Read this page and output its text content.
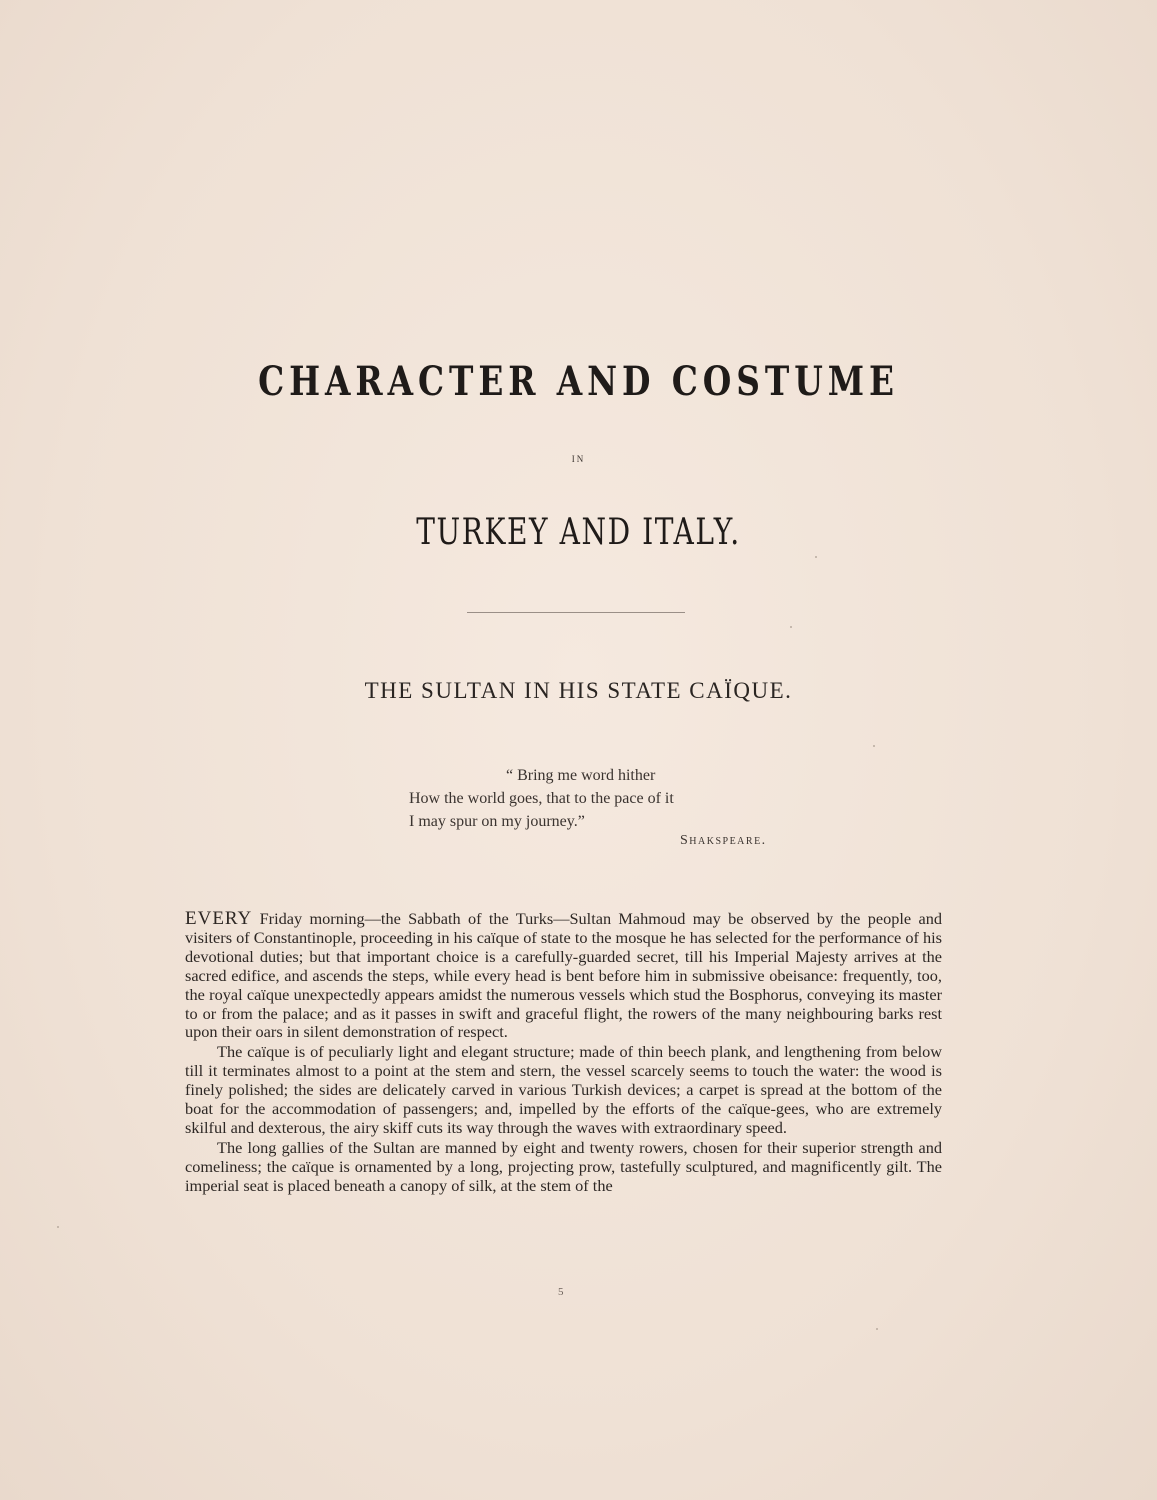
CHARACTER AND COSTUME
IN
TURKEY AND ITALY.
THE SULTAN IN HIS STATE CAÏQUE.
“ Bring me word hither
How the world goes, that to the pace of it
I may spur on my journey.”
Shakspeare.

EVERY Friday morning—the Sabbath of the Turks—Sultan Mahmoud may be observed by the people and visiters of Constantinople, proceeding in his caïque of state to the mosque he has selected for the performance of his devotional duties; but that important choice is a carefully-guarded secret, till his Imperial Majesty arrives at the sacred edifice, and ascends the steps, while every head is bent before him in submissive obeisance: frequently, too, the royal caïque unexpectedly appears amidst the numerous vessels which stud the Bosphorus, conveying its master to or from the palace; and as it passes in swift and graceful flight, the rowers of the many neighbouring barks rest upon their oars in silent demonstration of respect.

The caïque is of peculiarly light and elegant structure; made of thin beech plank, and lengthening from below till it terminates almost to a point at the stem and stern, the vessel scarcely seems to touch the water: the wood is finely polished; the sides are delicately carved in various Turkish devices; a carpet is spread at the bottom of the boat for the accommodation of passengers; and, impelled by the efforts of the caïque-gees, who are extremely skilful and dexterous, the airy skiff cuts its way through the waves with extraordinary speed.

The long gallies of the Sultan are manned by eight and twenty rowers, chosen for their superior strength and comeliness; the caïque is ornamented by a long, projecting prow, tastefully sculptured, and magnificently gilt. The imperial seat is placed beneath a canopy of silk, at the stem of the

5
